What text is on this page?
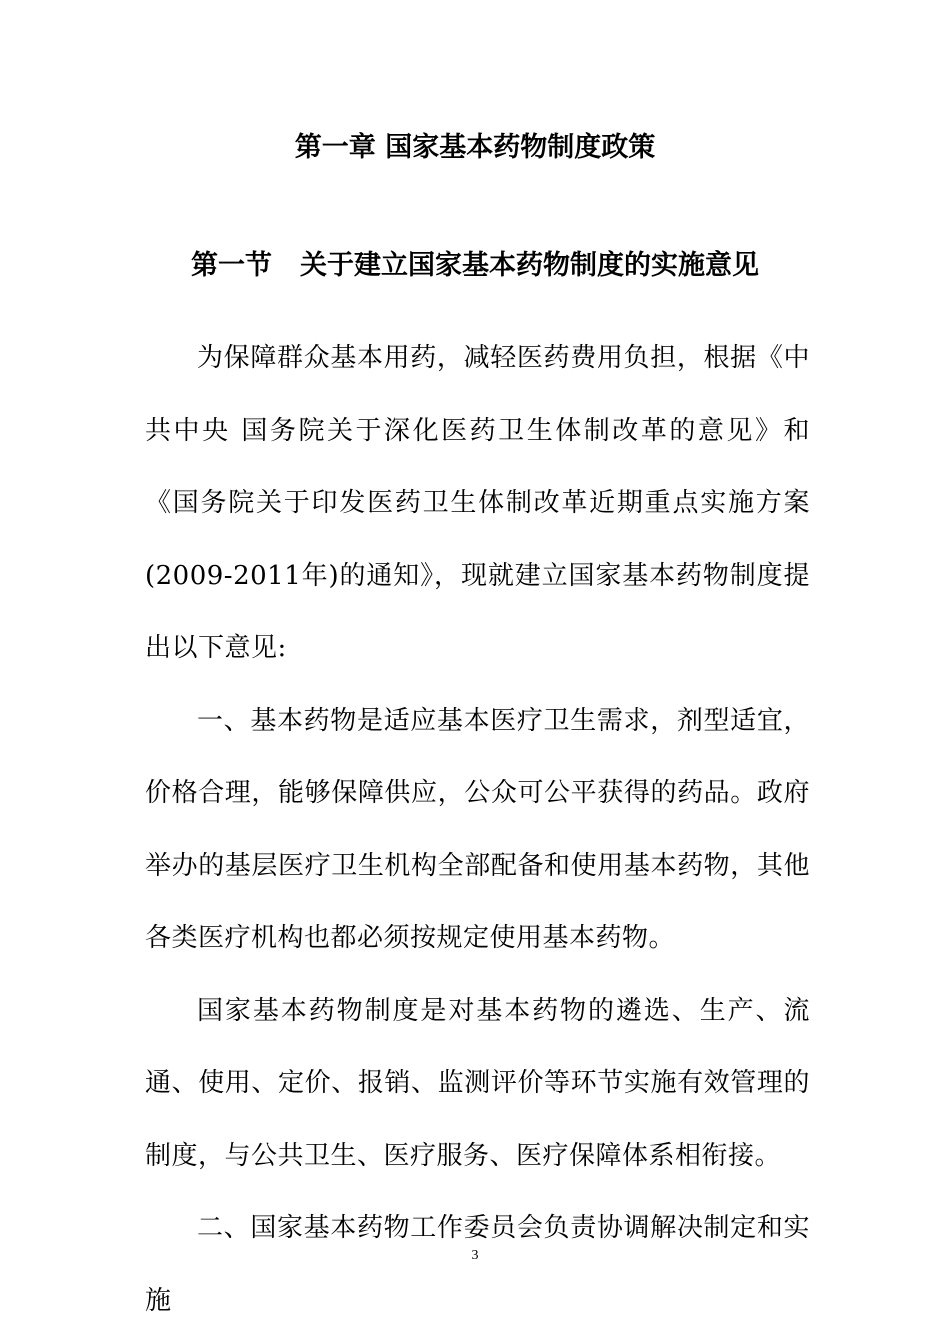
第一章 国家基本药物制度政策
第一节 关于建立国家基本药物制度的实施意见

为保障群众基本用药，减轻医药费用负担，根据《中共中央 国务院关于深化医药卫生体制改革的意见》和《国务院关于印发医药卫生体制改革近期重点实施方案(2009-2011年)的通知》，现就建立国家基本药物制度提出以下意见:

一、基本药物是适应基本医疗卫生需求，剂型适宜，价格合理，能够保障供应，公众可公平获得的药品。政府举办的基层医疗卫生机构全部配备和使用基本药物，其他各类医疗机构也都必须按规定使用基本药物。

国家基本药物制度是对基本药物的遴选、生产、流通、使用、定价、报销、监测评价等环节实施有效管理的制度，与公共卫生、医疗服务、医疗保障体系相衔接。

二、国家基本药物工作委员会负责协调解决制定和实施

3
